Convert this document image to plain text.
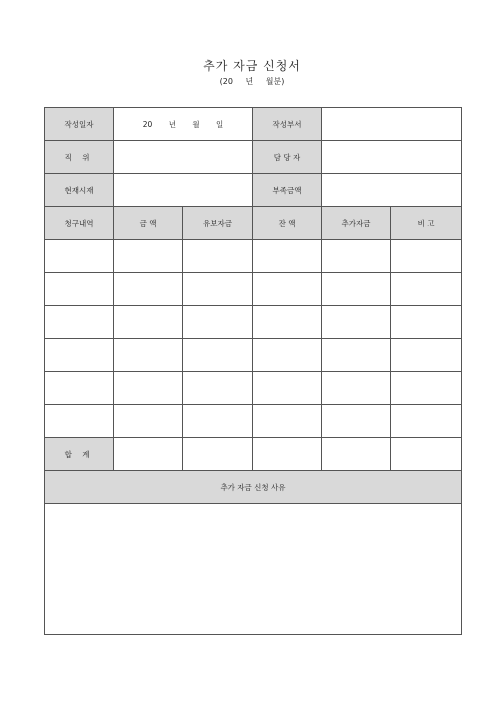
추가 자금 신청서
(20 년 월분)
작성일자	20 년 월 일		작성부서		
직 위			담 당 자		
현재시재			부족금액		
청구내역	금 액	유보자금	잔 액	추가자금	비 고

합 계					
추가 자금 신청 사유					
